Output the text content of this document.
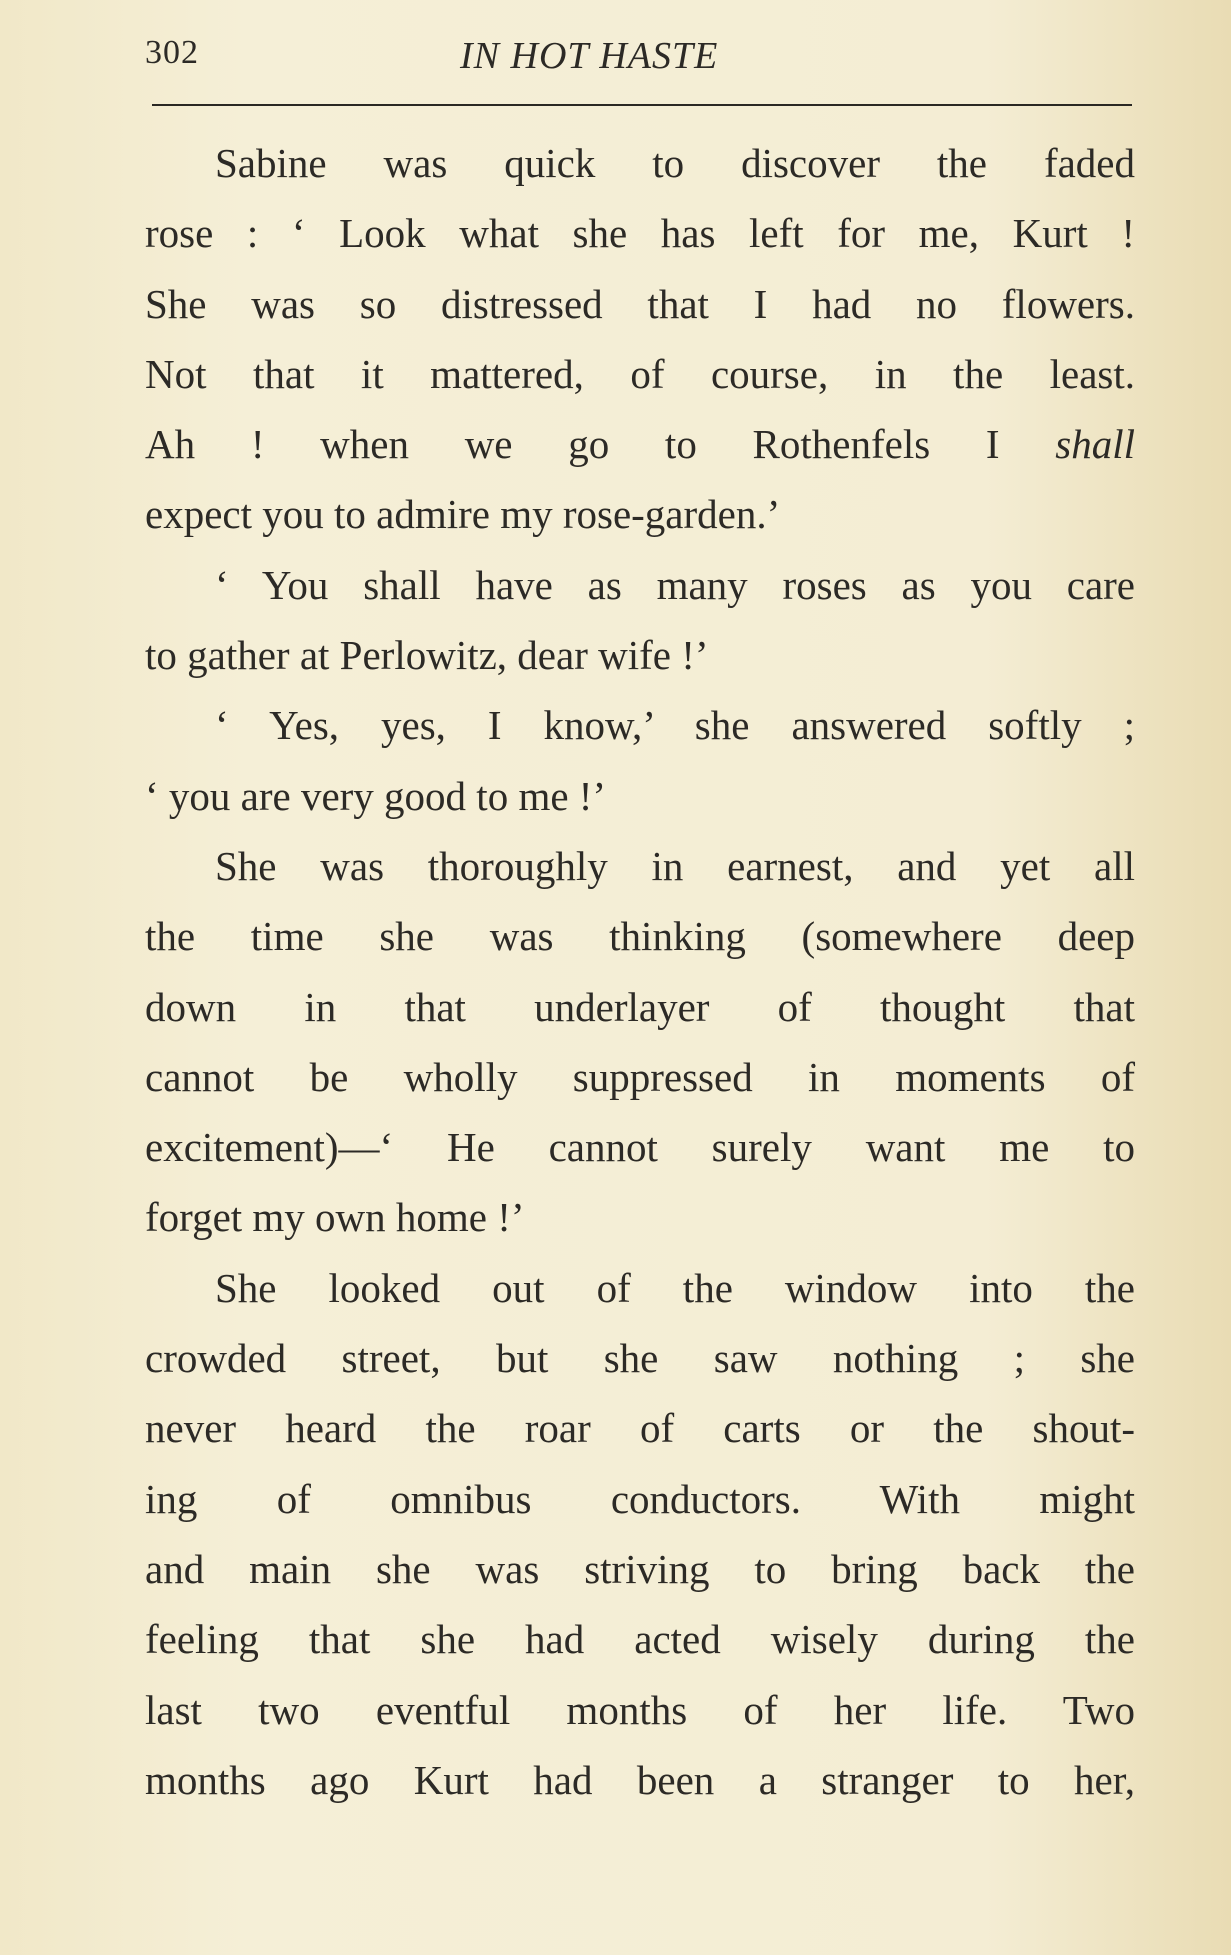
302	IN HOT HASTE
Sabine was quick to discover the faded
rose : ‘ Look what she has left for me, Kurt !
She was so distressed that I had no flowers.
Not that it mattered, of course, in the least.
Ah ! when we go to Rothenfels I shall
expect you to admire my rose-garden.’
‘ You shall have as many roses as you care
to gather at Perlowitz, dear wife !’
‘ Yes, yes, I know,’ she answered softly ;
‘ you are very good to me !’
She was thoroughly in earnest, and yet all
the time she was thinking (somewhere deep
down in that underlayer of thought that
cannot be wholly suppressed in moments of
excitement)—‘ He cannot surely want me to
forget my own home !’
She looked out of the window into the
crowded street, but she saw nothing ; she
never heard the roar of carts or the shout-
ing of omnibus conductors. With might
and main she was striving to bring back the
feeling that she had acted wisely during the
last two eventful months of her life. Two
months ago Kurt had been a stranger to her,
